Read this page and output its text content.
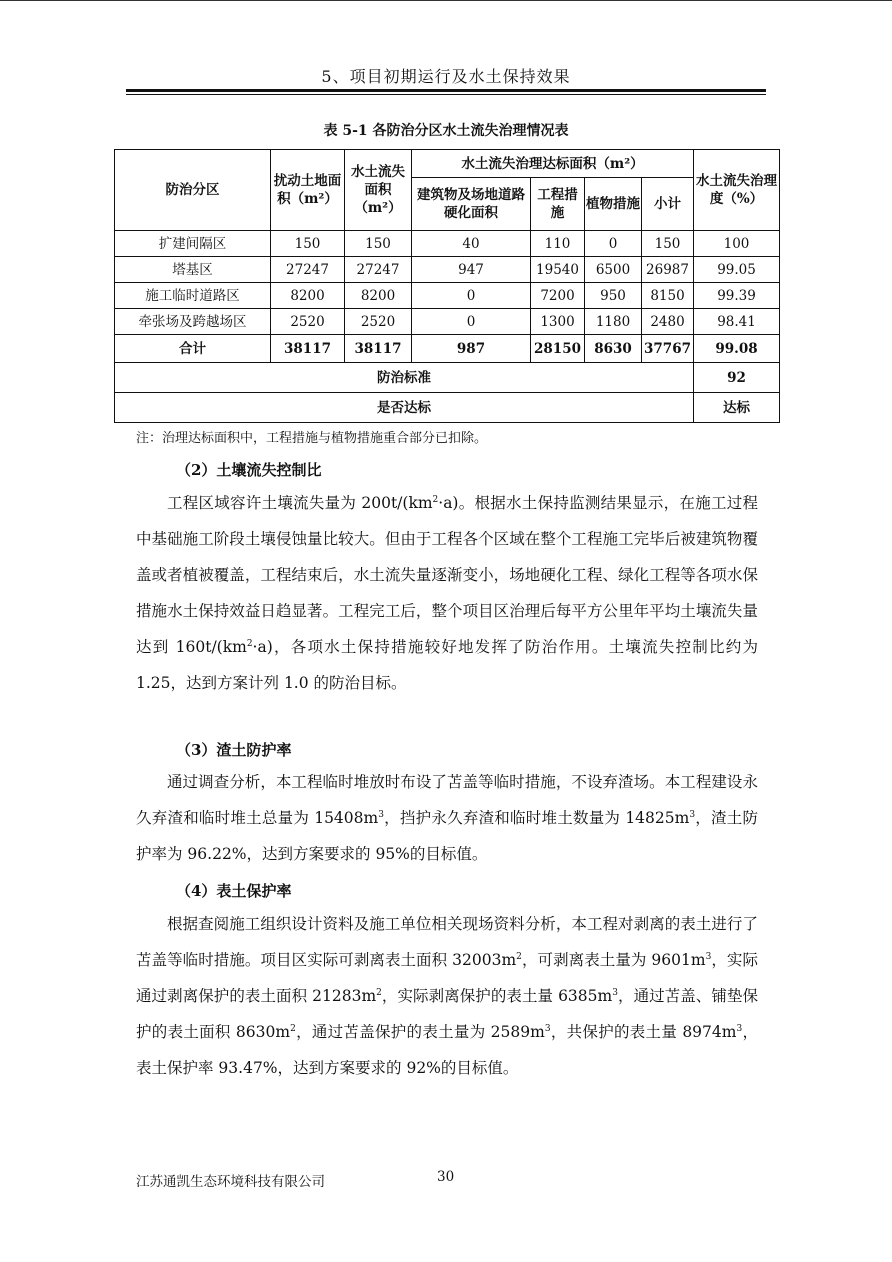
5、项目初期运行及水土保持效果
表 5-1 各防治分区水土流失治理情况表
防治分区	扰动土地面积（m²）	水土流失面积（m²）	水土流失治理达标面积（m²）				水土流失治理度（%）
			建筑物及场地道路硬化面积	工程措施	植物措施	小计	
扩建间隔区	150	150	40	110	0	150	100
塔基区	27247	27247	947	19540	6500	26987	99.05
施工临时道路区	8200	8200	0	7200	950	8150	99.39
牵张场及跨越场区	2520	2520	0	1300	1180	2480	98.41
合计	38117	38117	987	28150	8630	37767	99.08
防治标准							92
是否达标							达标
注：治理达标面积中，工程措施与植物措施重合部分已扣除。
（2）土壤流失控制比

工程区域容许土壤流失量为 $200t/(km^2\cdot a)$。根据水土保持监测结果显示，在施工过程中基础施工阶段土壤侵蚀量比较大。但由于工程各个区域在整个工程施工完毕后被建筑物覆盖或者植被覆盖，工程结束后，水土流失量逐渐变小，场地硬化工程、绿化工程等各项水保措施水土保持效益日趋显著。工程完工后，整个项目区治理后每平方公里年平均土壤流失量达到 $160t/(km^2\cdot a)$，各项水土保持措施较好地发挥了防治作用。土壤流失控制比约为 1.25，达到方案计列 1.0 的防治目标。

（3）渣土防护率

通过调查分析，本工程临时堆放时布设了苫盖等临时措施，不设弃渣场。本工程建设永久弃渣和临时堆土总量为 $15408m^3$，挡护永久弃渣和临时堆土数量为 $14825m^3$，渣土防护率为 96.22%，达到方案要求的 95%的目标值。

（4）表土保护率

根据查阅施工组织设计资料及施工单位相关现场资料分析，本工程对剥离的表土进行了苫盖等临时措施。项目区实际可剥离表土面积 $32003m^2$，可剥离表土量为 $9601m^3$，实际通过剥离保护的表土面积 $21283m^2$，实际剥离保护的表土量 $6385m^3$，通过苫盖、铺垫保护的表土面积 $8630m^2$，通过苫盖保护的表土量为 $2589m^3$，共保护的表土量 $8974m^3$，表土保护率 93.47%，达到方案要求的 92%的目标值。

江苏通凯生态环境科技有限公司	30
